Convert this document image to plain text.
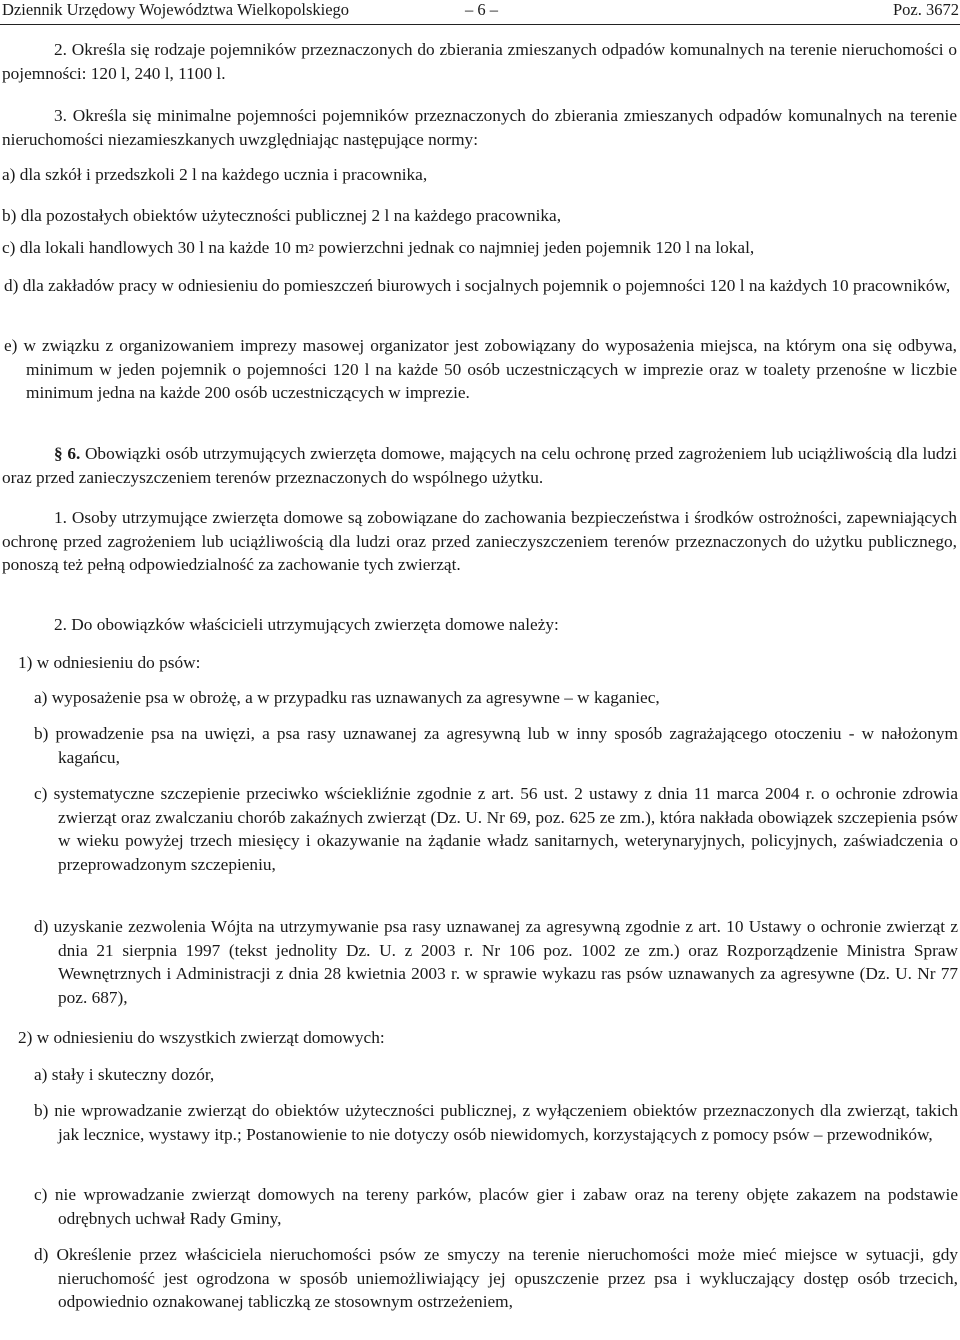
Dziennik Urzędowy Województwa Wielkopolskiego	– 6 –	Poz. 3672

2. Określa się rodzaje pojemników przeznaczonych do zbierania zmieszanych odpadów komunalnych na terenie nieruchomości o pojemności: 120 l, 240 l, 1100 l.

3. Określa się minimalne pojemności pojemników przeznaczonych do zbierania zmieszanych odpadów komunalnych na terenie nieruchomości niezamieszkanych uwzględniając następujące normy:

a) dla szkół i przedszkoli 2 l na każdego ucznia i pracownika,

b) dla pozostałych obiektów użyteczności publicznej 2 l na każdego pracownika,

c) dla lokali handlowych 30 l na każde 10 $m^2$ powierzchni jednak co najmniej jeden pojemnik 120 l na lokal,

d) dla zakładów pracy w odniesieniu do pomieszczeń biurowych i socjalnych pojemnik o pojemności 120 l na każdych 10 pracowników,

e) w związku z organizowaniem imprezy masowej organizator jest zobowiązany do wyposażenia miejsca, na którym ona się odbywa, minimum w jeden pojemnik o pojemności 120 l na każde 50 osób uczestniczących w imprezie oraz w toalety przenośne w liczbie minimum jedna na każde 200 osób uczestniczących w imprezie.

§ 6. Obowiązki osób utrzymujących zwierzęta domowe, mających na celu ochronę przed zagrożeniem lub uciążliwością dla ludzi oraz przed zanieczyszczeniem terenów przeznaczonych do wspólnego użytku.

1. Osoby utrzymujące zwierzęta domowe są zobowiązane do zachowania bezpieczeństwa i środków ostrożności, zapewniających ochronę przed zagrożeniem lub uciążliwością dla ludzi oraz przed zanieczyszczeniem terenów przeznaczonych do użytku publicznego, ponoszą też pełną odpowiedzialność za zachowanie tych zwierząt.

2. Do obowiązków właścicieli utrzymujących zwierzęta domowe należy:

1) w odniesieniu do psów:

a) wyposażenie psa w obrożę, a w przypadku ras uznawanych za agresywne – w kaganiec,

b) prowadzenie psa na uwięzi, a psa rasy uznawanej za agresywną lub w inny sposób zagrażającego otoczeniu - w nałożonym kagańcu,

c) systematyczne szczepienie przeciwko wściekliźnie zgodnie z art. 56 ust. 2 ustawy z dnia 11 marca 2004 r. o ochronie zdrowia zwierząt oraz zwalczaniu chorób zakaźnych zwierząt (Dz. U. Nr 69, poz. 625 ze zm.), która nakłada obowiązek szczepienia psów w wieku powyżej trzech miesięcy i okazywanie na żądanie władz sanitarnych, weterynaryjnych, policyjnych, zaświadczenia o przeprowadzonym szczepieniu,

d) uzyskanie zezwolenia Wójta na utrzymywanie psa rasy uznawanej za agresywną zgodnie z art. 10 Ustawy o ochronie zwierząt z dnia 21 sierpnia 1997 (tekst jednolity Dz. U. z 2003 r. Nr 106 poz. 1002 ze zm.) oraz Rozporządzenie Ministra Spraw Wewnętrznych i Administracji z dnia 28 kwietnia 2003 r. w sprawie wykazu ras psów uznawanych za agresywne (Dz. U. Nr 77 poz. 687),

2) w odniesieniu do wszystkich zwierząt domowych:

a) stały i skuteczny dozór,

b) nie wprowadzanie zwierząt do obiektów użyteczności publicznej, z wyłączeniem obiektów przeznaczonych dla zwierząt, takich jak lecznice, wystawy itp.; Postanowienie to nie dotyczy osób niewidomych, korzystających z pomocy psów – przewodników,

c) nie wprowadzanie zwierząt domowych na tereny parków, placów gier i zabaw oraz na tereny objęte zakazem na podstawie odrębnych uchwał Rady Gminy,

d) Określenie przez właściciela nieruchomości psów ze smyczy na terenie nieruchomości może mieć miejsce w sytuacji, gdy nieruchomość jest ogrodzona w sposób uniemożliwiający jej opuszczenie przez psa i wykluczający dostęp osób trzecich, odpowiednio oznakowanej tabliczką ze stosownym ostrzeżeniem,
